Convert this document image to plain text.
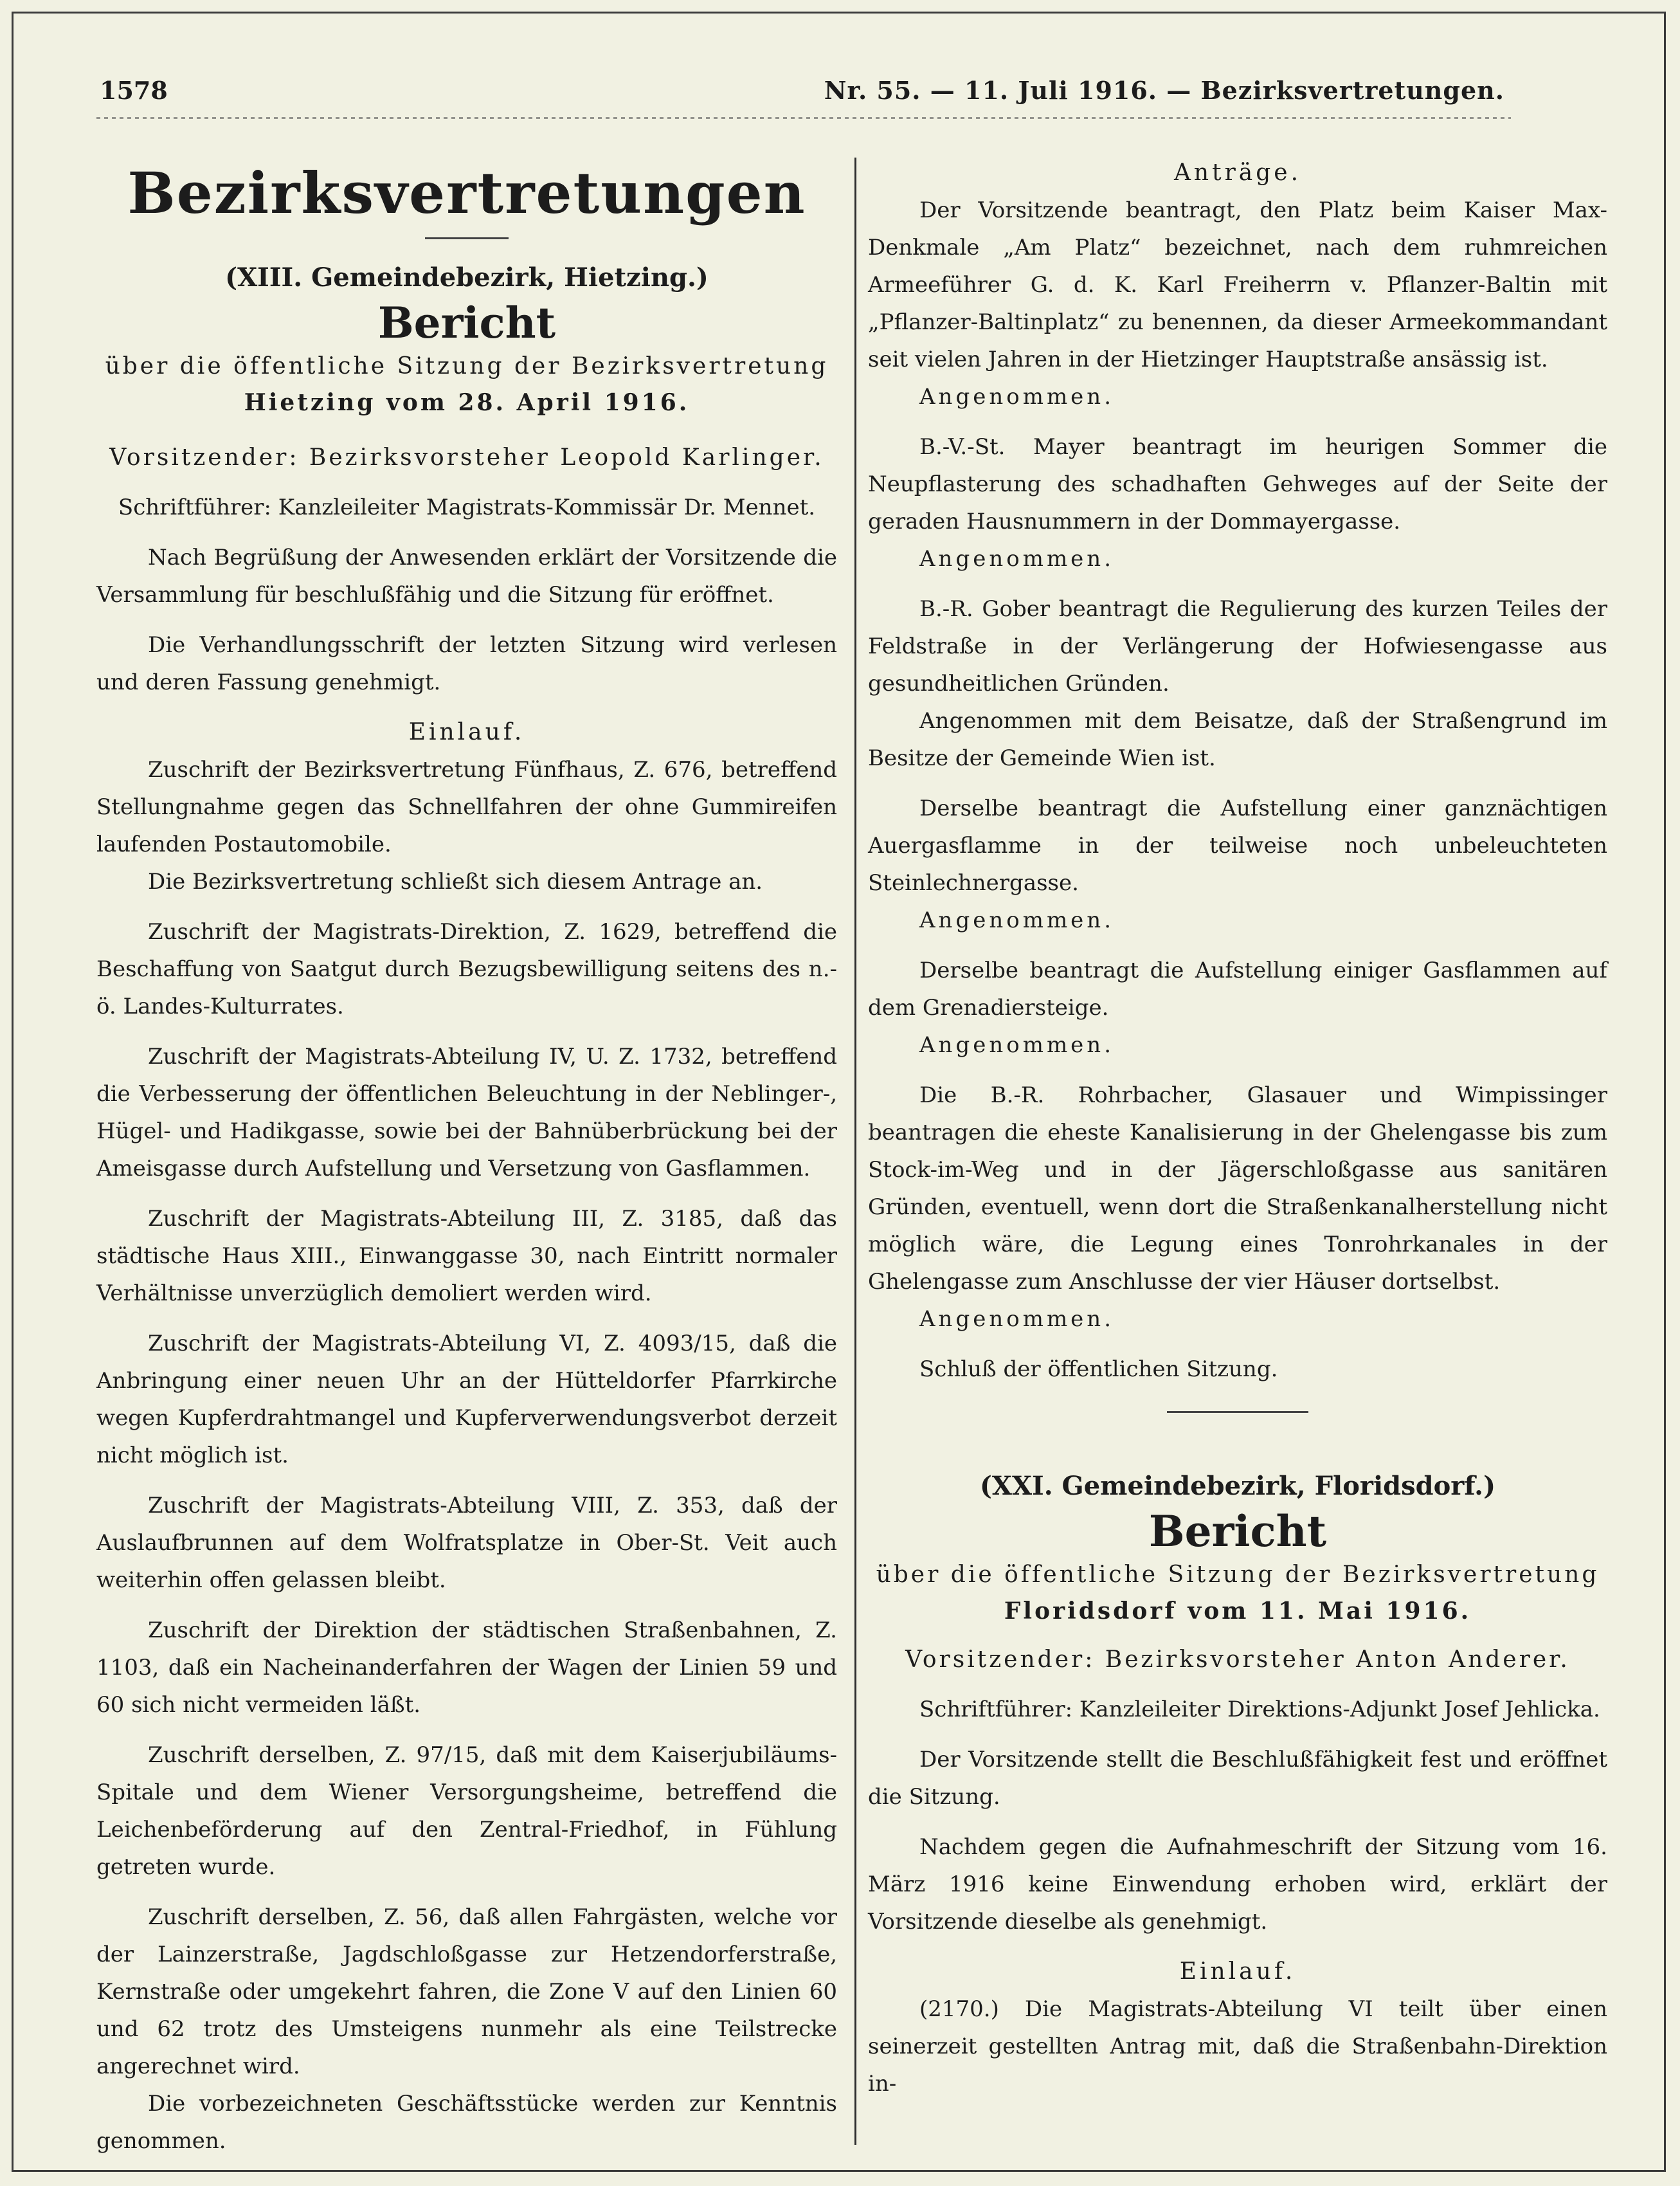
1578	Nr. 55. — 11. Juli 1916. — Bezirksvertretungen.
Bezirksvertretungen
(XIII. Gemeindebezirk, Hietzing.)
Bericht
über die öffentliche Sitzung der Bezirksvertretung
Hietzing vom 28. April 1916.
Vorsitzender: Bezirksvorsteher Leopold Karlinger.

Schriftführer: Kanzleileiter Magistrats-Kommissär Dr. Mennet.

Nach Begrüßung der Anwesenden erklärt der Vorsitzende die Versammlung für beschlußfähig und die Sitzung für eröffnet.

Die Verhandlungsschrift der letzten Sitzung wird verlesen und deren Fassung genehmigt.

Einlauf.

Zuschrift der Bezirksvertretung Fünfhaus, Z. 676, betreffend Stellungnahme gegen das Schnellfahren der ohne Gummireifen laufenden Postautomobile.

Die Bezirksvertretung schließt sich diesem Antrage an.

Zuschrift der Magistrats-Direktion, Z. 1629, betreffend die Beschaffung von Saatgut durch Bezugsbewilligung seitens des n.-ö. Landes-Kulturrates.

Zuschrift der Magistrats-Abteilung IV, U. Z. 1732, betreffend die Verbesserung der öffentlichen Beleuchtung in der Neblinger-, Hügel- und Hadikgasse, sowie bei der Bahnüberbrückung bei der Ameisgasse durch Aufstellung und Versetzung von Gasflammen.

Zuschrift der Magistrats-Abteilung III, Z. 3185, daß das städtische Haus XIII., Einwanggasse 30, nach Eintritt normaler Verhältnisse unverzüglich demoliert werden wird.

Zuschrift der Magistrats-Abteilung VI, Z. 4093/15, daß die Anbringung einer neuen Uhr an der Hütteldorfer Pfarrkirche wegen Kupferdrahtmangel und Kupferverwendungsverbot derzeit nicht möglich ist.

Zuschrift der Magistrats-Abteilung VIII, Z. 353, daß der Auslaufbrunnen auf dem Wolfratsplatze in Ober-St. Veit auch weiterhin offen gelassen bleibt.

Zuschrift der Direktion der städtischen Straßenbahnen, Z. 1103, daß ein Nacheinanderfahren der Wagen der Linien 59 und 60 sich nicht vermeiden läßt.

Zuschrift derselben, Z. 97/15, daß mit dem Kaiserjubiläums-Spitale und dem Wiener Versorgungsheime, betreffend die Leichenbeförderung auf den Zentral-Friedhof, in Fühlung getreten wurde.

Zuschrift derselben, Z. 56, daß allen Fahrgästen, welche vor der Lainzerstraße, Jagdschloßgasse zur Hetzendorferstraße, Kernstraße oder umgekehrt fahren, die Zone V auf den Linien 60 und 62 trotz des Umsteigens nunmehr als eine Teilstrecke angerechnet wird.

Die vorbezeichneten Geschäftsstücke werden zur Kenntnis genommen.

Anträge.

Der Vorsitzende beantragt, den Platz beim Kaiser Max-Denkmale „Am Platz“ bezeichnet, nach dem ruhmreichen Armeeführer G. d. K. Karl Freiherrn v. Pflanzer-Baltin mit „Pflanzer-Baltinplatz“ zu benennen, da dieser Armeekommandant seit vielen Jahren in der Hietzinger Hauptstraße ansässig ist.

Angenommen.

B.-V.-St. Mayer beantragt im heurigen Sommer die Neupflasterung des schadhaften Gehweges auf der Seite der geraden Hausnummern in der Dommayergasse.

Angenommen.

B.-R. Gober beantragt die Regulierung des kurzen Teiles der Feldstraße in der Verlängerung der Hofwiesengasse aus gesundheitlichen Gründen.

Angenommen mit dem Beisatze, daß der Straßengrund im Besitze der Gemeinde Wien ist.

Derselbe beantragt die Aufstellung einer ganznächtigen Auergasflamme in der teilweise noch unbeleuchteten Steinlechnergasse.

Angenommen.

Derselbe beantragt die Aufstellung einiger Gasflammen auf dem Grenadiersteige.

Angenommen.

Die B.-R. Rohrbacher, Glasauer und Wimpissinger beantragen die eheste Kanalisierung in der Ghelengasse bis zum Stock-im-Weg und in der Jägerschloßgasse aus sanitären Gründen, eventuell, wenn dort die Straßenkanalherstellung nicht möglich wäre, die Legung eines Tonrohrkanales in der Ghelengasse zum Anschlusse der vier Häuser dortselbst.

Angenommen.

Schluß der öffentlichen Sitzung.

(XXI. Gemeindebezirk, Floridsdorf.)
Bericht
über die öffentliche Sitzung der Bezirksvertretung
Floridsdorf vom 11. Mai 1916.
Vorsitzender: Bezirksvorsteher Anton Anderer.

Schriftführer: Kanzleileiter Direktions-Adjunkt Josef Jehlicka.

Der Vorsitzende stellt die Beschlußfähigkeit fest und eröffnet die Sitzung.

Nachdem gegen die Aufnahmeschrift der Sitzung vom 16. März 1916 keine Einwendung erhoben wird, erklärt der Vorsitzende dieselbe als genehmigt.

Einlauf.

(2170.) Die Magistrats-Abteilung VI teilt über einen seinerzeit gestellten Antrag mit, daß die Straßenbahn-Direktion in-
